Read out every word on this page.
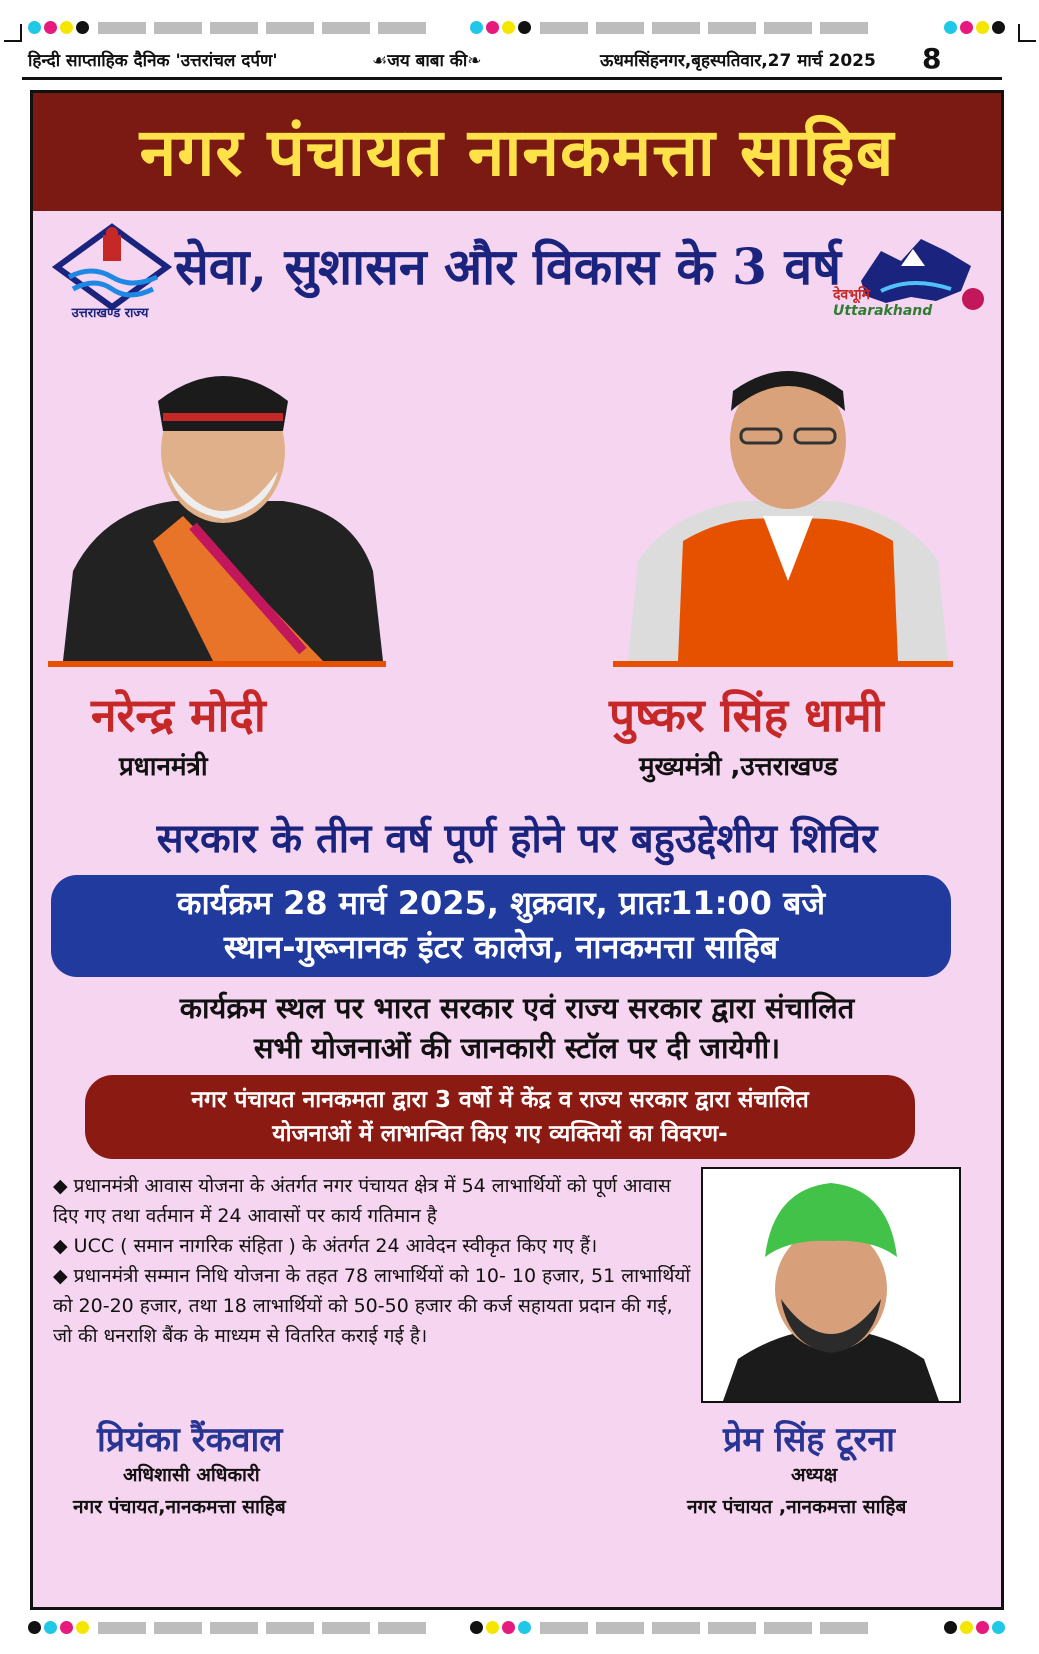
हिन्दी साप्ताहिक दैनिक 'उत्तरांचल दर्पण'	☙जय बाबा की❧	ऊधमसिंहनगर,बृहस्पतिवार,27 मार्च 2025 8
नगर पंचायत नानकमत्ता साहिब
उत्तराखण्ड राज्य
सेवा, सुशासन और विकास के 3 वर्ष
देवभूमि
Uttarakhand
नरेन्द्र मोदी
प्रधानमंत्री
पुष्कर सिंह धामी
मुख्यमंत्री ,उत्तराखण्ड
सरकार के तीन वर्ष पूर्ण होने पर बहुउद्देशीय शिविर
कार्यक्रम 28 मार्च 2025, शुक्रवार, प्रातः11:00 बजे
स्थान-गुरूनानक इंटर कालेज, नानकमत्ता साहिब
कार्यक्रम स्थल पर भारत सरकार एवं राज्य सरकार द्वारा संचालित
सभी योजनाओं की जानकारी स्टॉल पर दी जायेगी।
नगर पंचायत नानकमता द्वारा 3 वर्षो में केंद्र व राज्य सरकार द्वारा संचालित
योजनाओं में लाभान्वित किए गए व्यक्तियों का विवरण-

◆ प्रधानमंत्री आवास योजना के अंतर्गत नगर पंचायत क्षेत्र में 54 लाभार्थियों को पूर्ण आवास दिए गए तथा वर्तमान में 24 आवासों पर कार्य गतिमान है

◆ UCC ( समान नागरिक संहिता ) के अंतर्गत 24 आवेदन स्वीकृत किए गए हैं।

◆ प्रधानमंत्री सम्मान निधि योजना के तहत 78 लाभार्थियों को 10- 10 हजार, 51 लाभार्थियों को 20-20 हजार, तथा 18 लाभार्थियों को 50-50 हजार की कर्ज सहायता प्रदान की गई, जो की धनराशि बैंक के माध्यम से वितरित कराई गई है।

प्रियंका रैंकवाल
अधिशासी अधिकारी
नगर पंचायत,नानकमत्ता साहिब
प्रेम सिंह टूरना
अध्यक्ष
नगर पंचायत ,नानकमत्ता साहिब
